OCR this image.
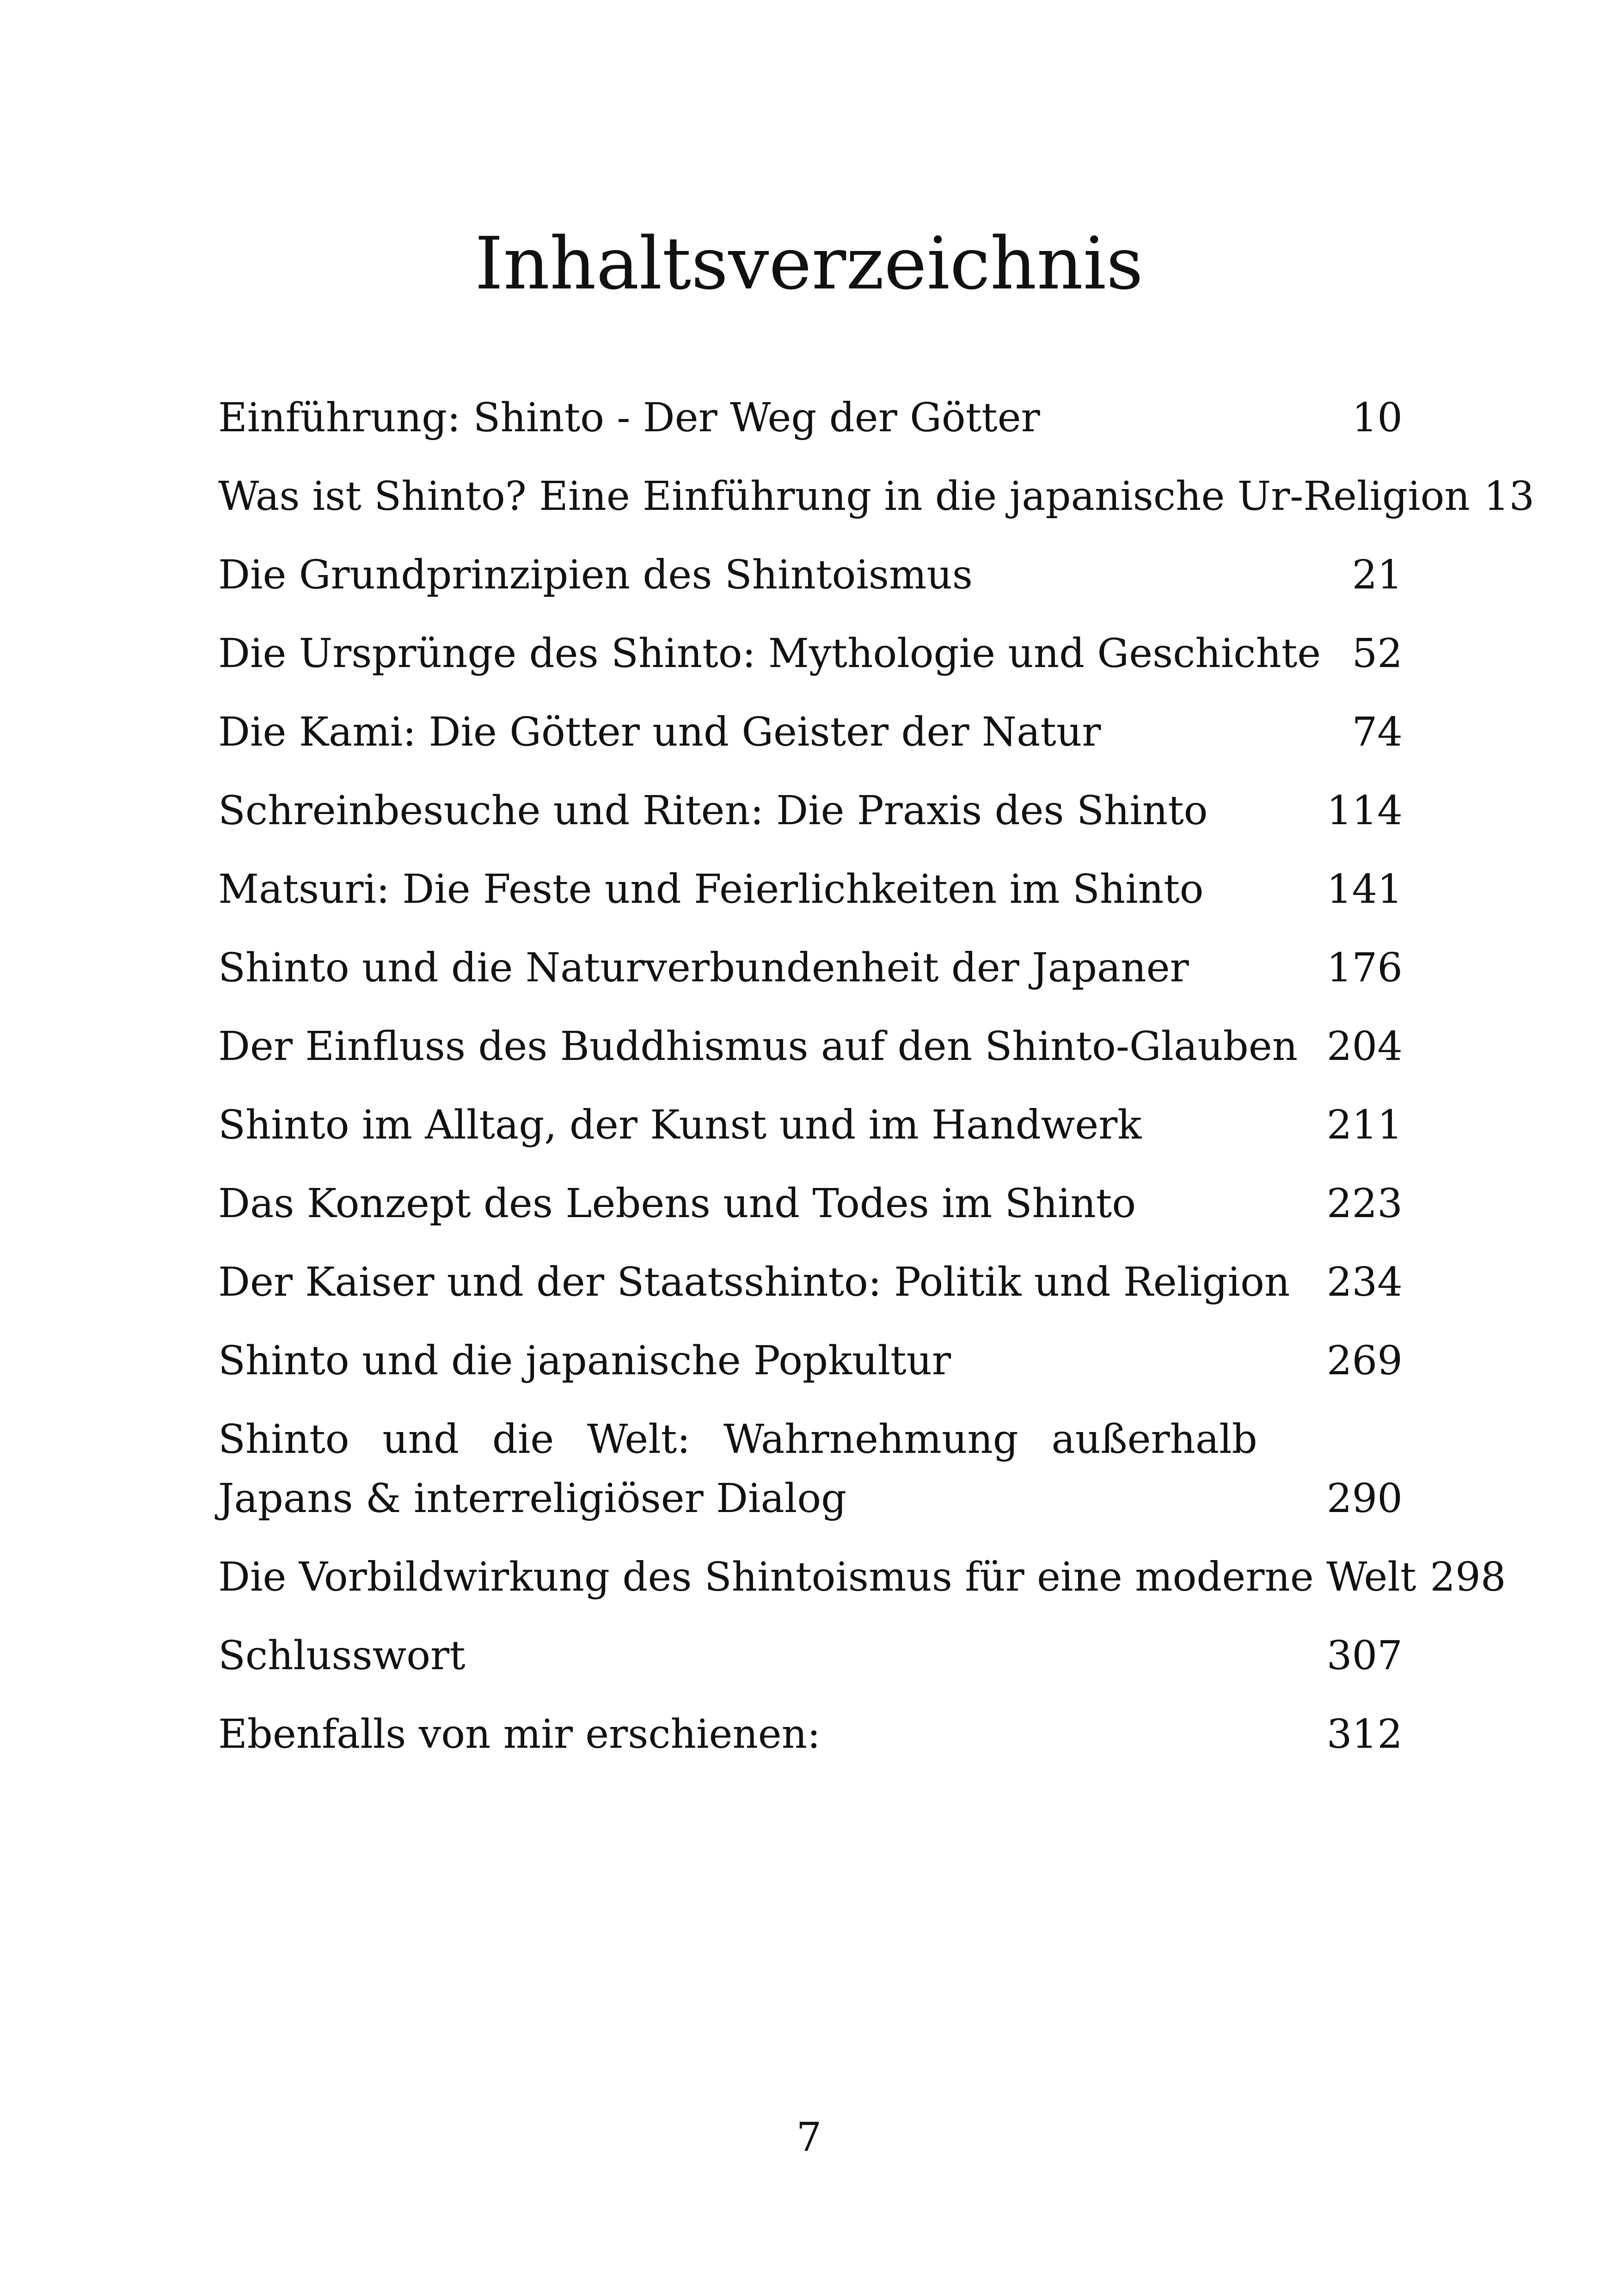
Inhaltsverzeichnis
Einführung: Shinto - Der Weg der Götter	10
Was ist Shinto? Eine Einführung in die japanische Ur-Religion 13
Die Grundprinzipien des Shintoismus	21
Die Ursprünge des Shinto: Mythologie und Geschichte 52
Die Kami: Die Götter und Geister der Natur	74
Schreinbesuche und Riten: Die Praxis des Shinto	114
Matsuri: Die Feste und Feierlichkeiten im Shinto	141
Shinto und die Naturverbundenheit der Japaner	176
Der Einfluss des Buddhismus auf den Shinto-Glauben 204
Shinto im Alltag, der Kunst und im Handwerk	211
Das Konzept des Lebens und Todes im Shinto	223
Der Kaiser und der Staatsshinto: Politik und Religion 234
Shinto und die japanische Popkultur	269
Shinto und die Welt: Wahrnehmung außerhalb Japans & interreligiöser Dialog	290
Die Vorbildwirkung des Shintoismus für eine moderne Welt 298
Schlusswort	307
Ebenfalls von mir erschienen:	312
7
